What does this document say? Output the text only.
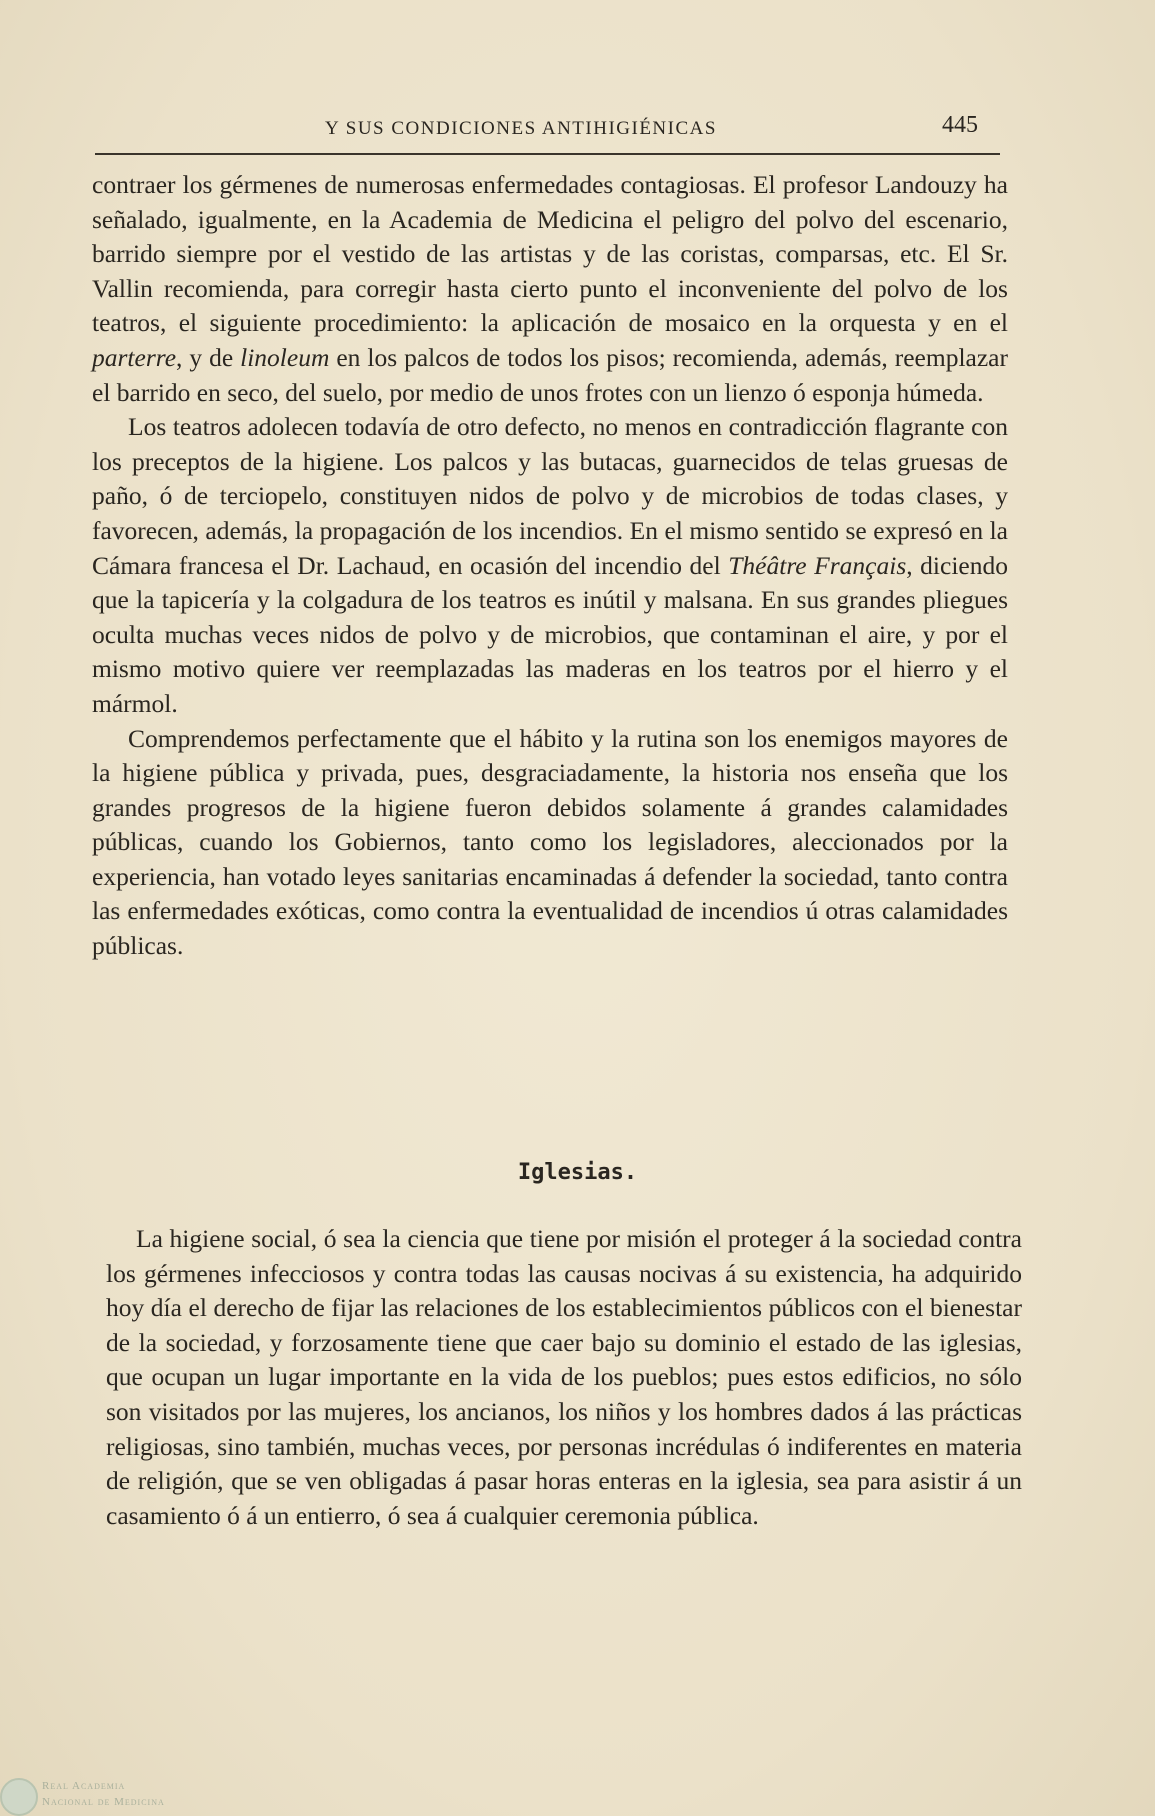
Y SUS CONDICIONES ANTIHIGIÉNICAS	445

contraer los gérmenes de numerosas enfermedades contagiosas. El profesor Landouzy ha señalado, igualmente, en la Academia de Medicina el peligro del polvo del escenario, barrido siempre por el vestido de las artistas y de las coristas, comparsas, etc. El Sr. Vallin recomienda, para corregir hasta cierto punto el inconveniente del polvo de los teatros, el siguiente procedimiento: la aplicación de mosaico en la orquesta y en el parterre, y de linoleum en los palcos de todos los pisos; recomienda, además, reemplazar el barrido en seco, del suelo, por medio de unos frotes con un lienzo ó esponja húmeda.

Los teatros adolecen todavía de otro defecto, no menos en contradicción flagrante con los preceptos de la higiene. Los palcos y las butacas, guarnecidos de telas gruesas de paño, ó de terciopelo, constituyen nidos de polvo y de microbios de todas clases, y favorecen, además, la propagación de los incendios. En el mismo sentido se expresó en la Cámara francesa el Dr. Lachaud, en ocasión del incendio del Théâtre Français, diciendo que la tapicería y la colgadura de los teatros es inútil y malsana. En sus grandes pliegues oculta muchas veces nidos de polvo y de microbios, que contaminan el aire, y por el mismo motivo quiere ver reemplazadas las maderas en los teatros por el hierro y el mármol.

Comprendemos perfectamente que el hábito y la rutina son los enemigos mayores de la higiene pública y privada, pues, desgraciadamente, la historia nos enseña que los grandes progresos de la higiene fueron debidos solamente á grandes calamidades públicas, cuando los Gobiernos, tanto como los legisladores, aleccionados por la experiencia, han votado leyes sanitarias encaminadas á defender la sociedad, tanto contra las enfermedades exóticas, como contra la eventualidad de incendios ú otras calamidades públicas.

Iglesias.

La higiene social, ó sea la ciencia que tiene por misión el proteger á la sociedad contra los gérmenes infecciosos y contra todas las causas nocivas á su existencia, ha adquirido hoy día el derecho de fijar las relaciones de los establecimientos públicos con el bienestar de la sociedad, y forzosamente tiene que caer bajo su dominio el estado de las iglesias, que ocupan un lugar importante en la vida de los pueblos; pues estos edificios, no sólo son visitados por las mujeres, los ancianos, los niños y los hombres dados á las prácticas religiosas, sino también, muchas veces, por personas incrédulas ó indiferentes en materia de religión, que se ven obligadas á pasar horas enteras en la iglesia, sea para asistir á un casamiento ó á un entierro, ó sea á cualquier ceremonia pública.

Real Academia
Nacional de Medicina
